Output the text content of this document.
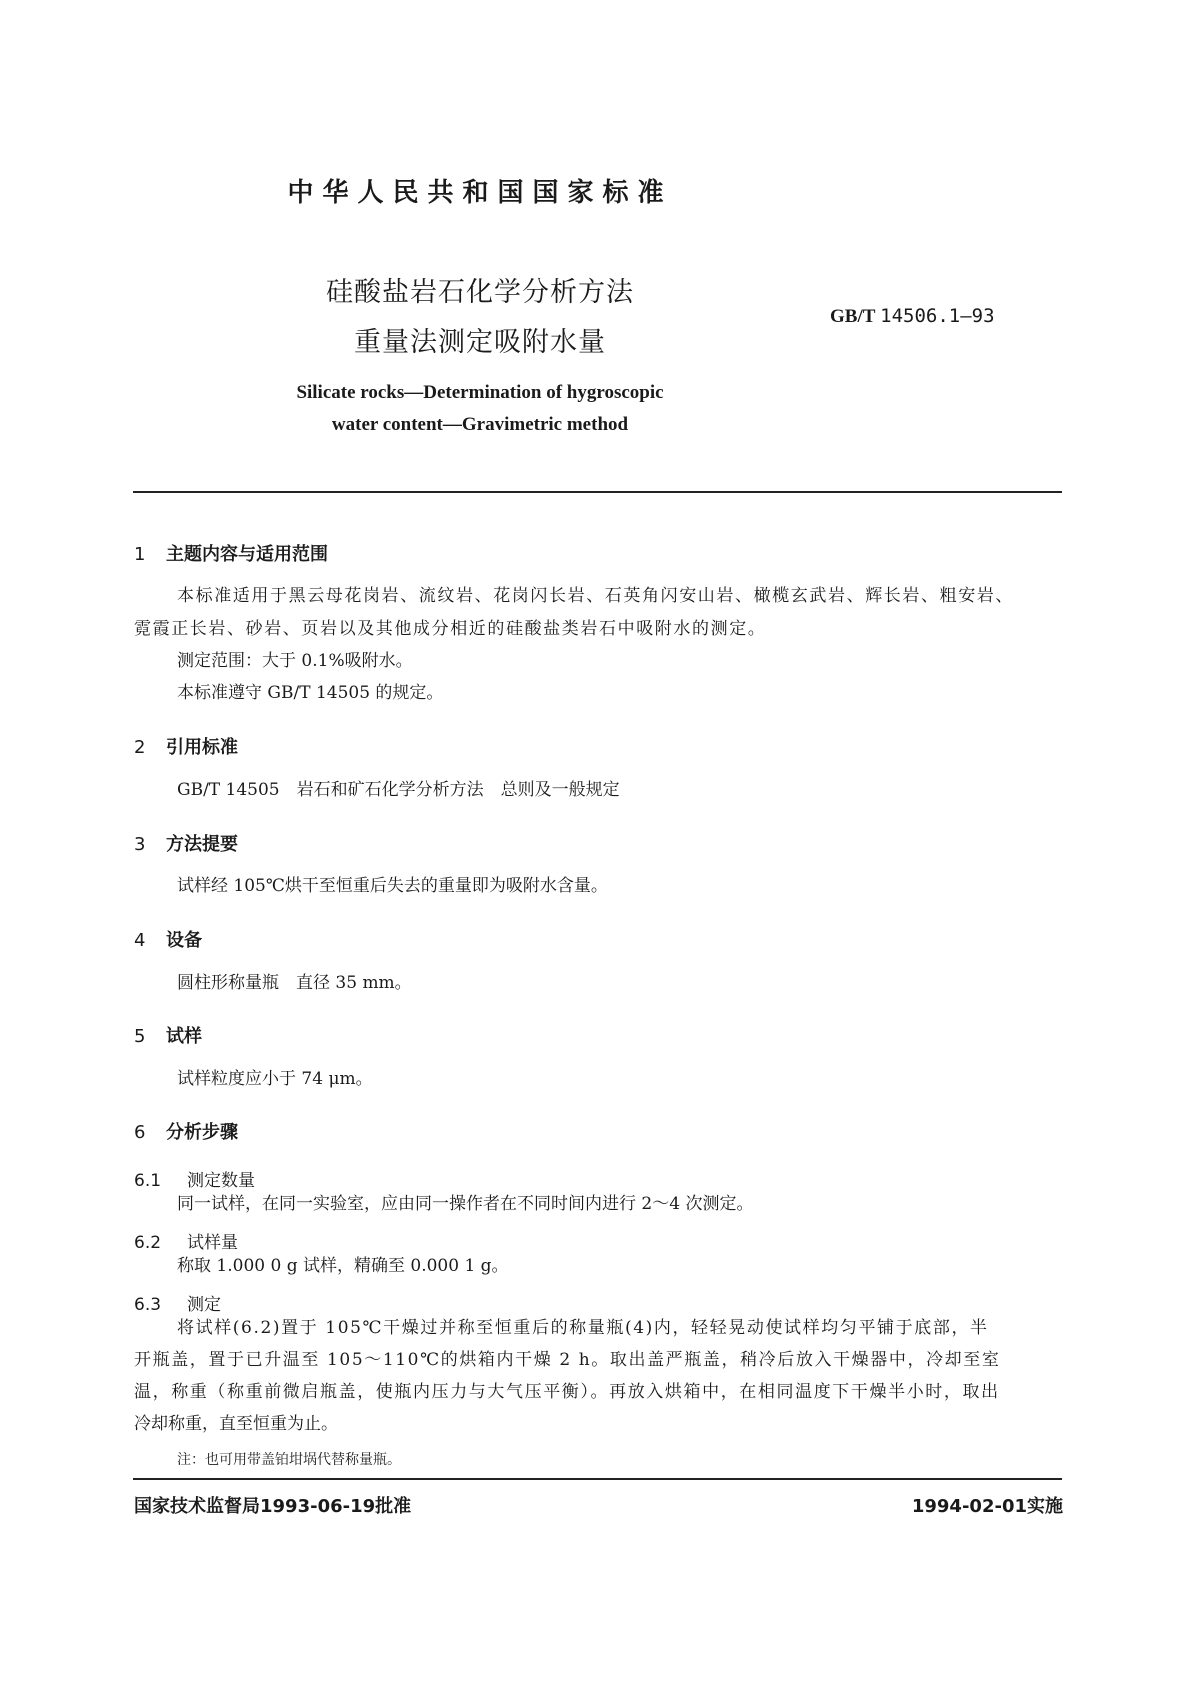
中华人民共和国国家标准
硅酸盐岩石化学分析方法
重量法测定吸附水量
GB/T 14506.1—93
Silicate rocks—Determination of hygroscopic
water content—Gravimetric method
1 主题内容与适用范围
本标准适用于黑云母花岗岩、流纹岩、花岗闪长岩、石英角闪安山岩、橄榄玄武岩、辉长岩、粗安岩、
霓霞正长岩、砂岩、页岩以及其他成分相近的硅酸盐类岩石中吸附水的测定。
测定范围：大于 0.1%吸附水。
本标准遵守 GB/T 14505 的规定。
2 引用标准
GB/T 14505　岩石和矿石化学分析方法　总则及一般规定
3 方法提要
试样经 105℃烘干至恒重后失去的重量即为吸附水含量。
4 设备
圆柱形称量瓶　直径 35 mm。
5 试样
试样粒度应小于 74 μm。
6 分析步骤
6.1 测定数量
同一试样，在同一实验室，应由同一操作者在不同时间内进行 2～4 次测定。
6.2 试样量
称取 1.000 0 g 试样，精确至 0.000 1 g。
6.3 测定
将试样(6.2)置于 105℃干燥过并称至恒重后的称量瓶(4)内，轻轻晃动使试样均匀平铺于底部，半
开瓶盖，置于已升温至 105～110℃的烘箱内干燥 2 h。取出盖严瓶盖，稍冷后放入干燥器中，冷却至室
温，称重（称重前微启瓶盖，使瓶内压力与大气压平衡）。再放入烘箱中，在相同温度下干燥半小时，取出
冷却称重，直至恒重为止。
注：也可用带盖铂坩埚代替称量瓶。
国家技术监督局1993-06-19批准	1994-02-01实施
